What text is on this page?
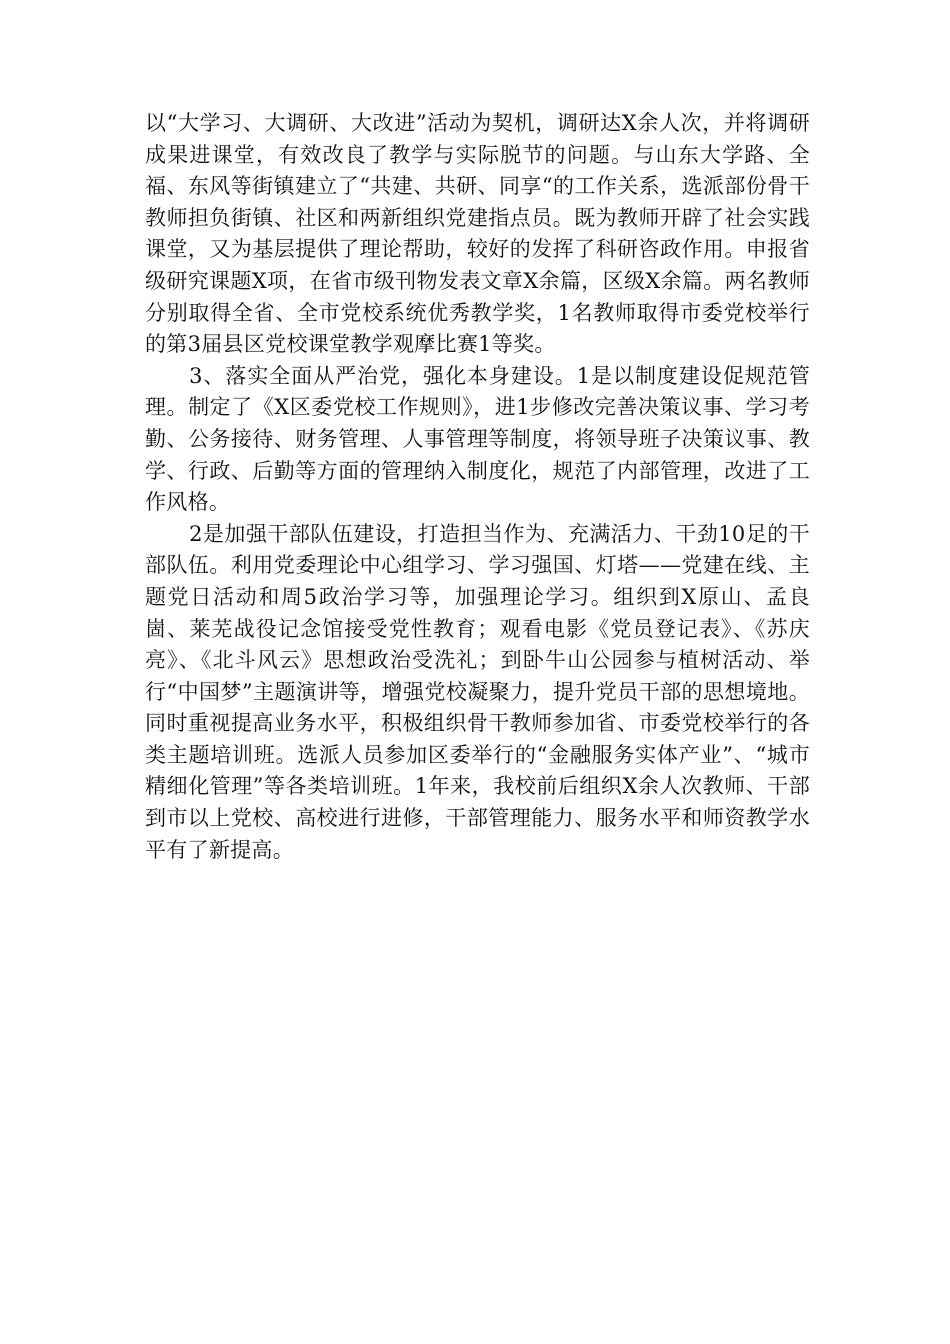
以“大学习、大调研、大改进”活动为契机，调研达X余人次，并将调研成果进课堂，有效改良了教学与实际脱节的问题。与山东大学路、全福、东风等街镇建立了“共建、共研、同享“的工作关系，选派部份骨干教师担负街镇、社区和两新组织党建指点员。既为教师开辟了社会实践课堂，又为基层提供了理论帮助，较好的发挥了科研咨政作用。申报省级研究课题X项，在省市级刊物发表文章X余篇，区级X余篇。两名教师分别取得全省、全市党校系统优秀教学奖，1名教师取得市委党校举行的第3届县区党校课堂教学观摩比赛1等奖。

3、落实全面从严治党，强化本身建设。1是以制度建设促规范管理。制定了《X区委党校工作规则》，进1步修改完善决策议事、学习考勤、公务接待、财务管理、人事管理等制度，将领导班子决策议事、教学、行政、后勤等方面的管理纳入制度化，规范了内部管理，改进了工作风格。

2是加强干部队伍建设，打造担当作为、充满活力、干劲10足的干部队伍。利用党委理论中心组学习、学习强国、灯塔——党建在线、主题党日活动和周5政治学习等，加强理论学习。组织到X原山、孟良崮、莱芜战役记念馆接受党性教育；观看电影《党员登记表》、《苏庆亮》、《北斗风云》思想政治受洗礼；到卧牛山公园参与植树活动、举行“中国梦”主题演讲等，增强党校凝聚力，提升党员干部的思想境地。同时重视提高业务水平，积极组织骨干教师参加省、市委党校举行的各类主题培训班。选派人员参加区委举行的“金融服务实体产业”、“城市精细化管理”等各类培训班。1年来，我校前后组织X余人次教师、干部到市以上党校、高校进行进修，干部管理能力、服务水平和师资教学水平有了新提高。
